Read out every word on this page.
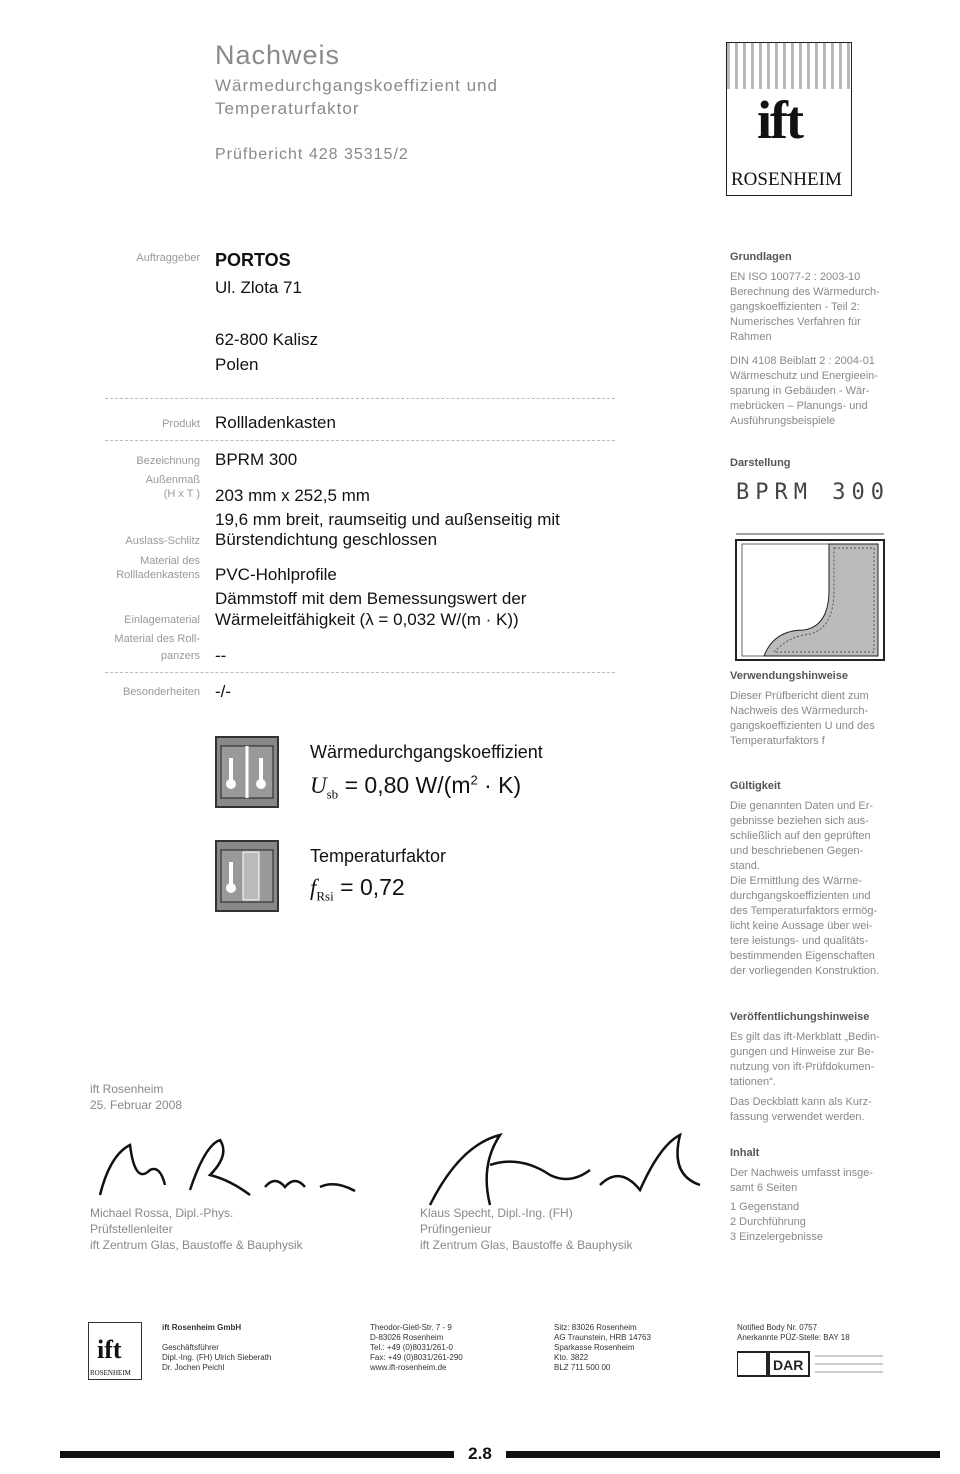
Nachweis
Wärmedurchgangskoeffizient und
Temperaturfaktor
Prüfbericht 428 35315/2
ift
ROSENHEIM
Auftraggeber PORTOS
Ul. Zlota 71
62-800 Kalisz
Polen
Produkt Rollladenkasten
Bezeichnung BPRM 300
Außenmaß
(H x T ) 203 mm x 252,5 mm
19,6 mm breit, raumseitig und außenseitig mit
Auslass-Schlitz Bürstendichtung geschlossen
Material des
Rollladenkastens PVC-Hohlprofile
Dämmstoff mit dem Bemessungswert der
Einlagematerial Wärmeleitfähigkeit (λ = 0,032 W/(m · K))
Material des Roll-
panzers --
Besonderheiten -/-
Wärmedurchgangskoeffizient
$U_{sb} = 0,80$ $W/(m^2 \cdot K)$
Temperaturfaktor
$f_{Rsi} = 0,72$
Grundlagen
EN ISO 10077-2 : 2003-10
Berechnung des Wärmedurch-
gangskoeffizienten - Teil 2:
Numerisches Verfahren für
Rahmen
DIN 4108 Beiblatt 2 : 2004-01
Wärmeschutz und Energieein-
sparung in Gebäuden - Wär-
mebrücken – Planungs- und
Ausführungsbeispiele
Darstellung
BPRM 300
Verwendungshinweise
Dieser Prüfbericht dient zum
Nachweis des Wärmedurch-
gangskoeffizienten U und des
Temperaturfaktors f
Gültigkeit
Die genannten Daten und Er-
gebnisse beziehen sich aus-
schließlich auf den geprüften
und beschriebenen Gegen-
stand.
Die Ermittlung des Wärme-
durchgangskoeffizienten und
des Temperaturfaktors ermög-
licht keine Aussage über wei-
tere leistungs- und qualitäts-
bestimmenden Eigenschaften
der vorliegenden Konstruktion.
Veröffentlichungshinweise
Es gilt das ift-Merkblatt „Bedin-
gungen und Hinweise zur Be-
nutzung von ift-Prüfdokumen-
tationen“.
Das Deckblatt kann als Kurz-
fassung verwendet werden.
Inhalt
Der Nachweis umfasst insge-
samt 6 Seiten
1 Gegenstand
2 Durchführung
3 Einzelergebnisse
ift Rosenheim
25. Februar 2008
Michael Rossa, Dipl.-Phys.
Prüfstellenleiter
ift Zentrum Glas, Baustoffe & Bauphysik
Klaus Specht, Dipl.-Ing. (FH)
Prüfingenieur
ift Zentrum Glas, Baustoffe & Bauphysik
ift
ROSENHEIM
ift Rosenheim GmbH
Geschäftsführer
Dipl.-Ing. (FH) Ulrich Sieberath
Dr. Jochen Peichl
Theodor-Gietl-Str. 7 - 9
D-83026 Rosenheim
Tel.: +49 (0)8031/261-0
Fax: +49 (0)8031/261-290
www.ift-rosenheim.de
Sitz: 83026 Rosenheim
AG Traunstein, HRB 14763
Sparkasse Rosenheim
Kto. 3822
BLZ 711 500 00
Notified Body Nr. 0757
Anerkannte PÜZ-Stelle: BAY 18
DAR
2.8
